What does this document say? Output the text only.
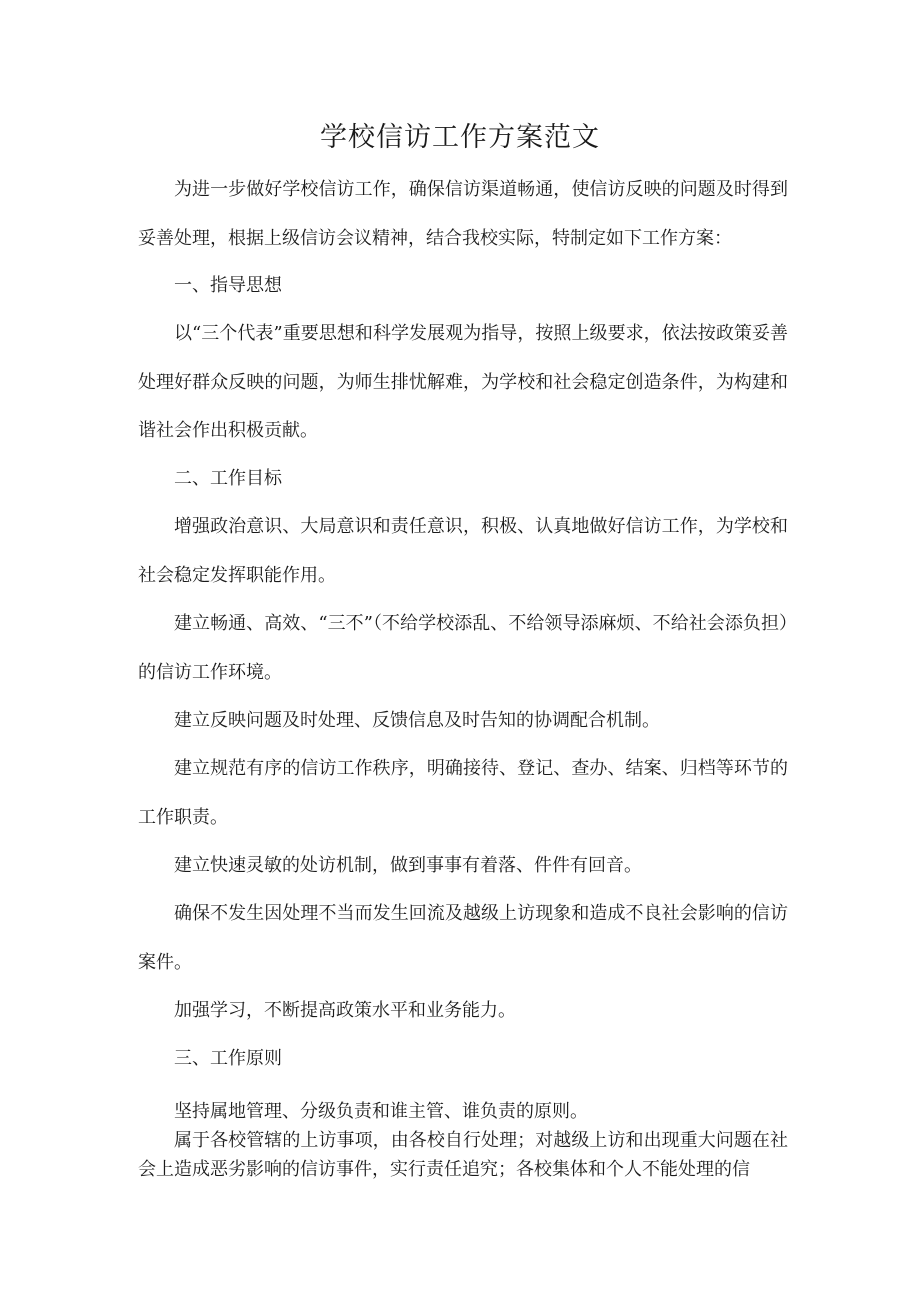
学校信访工作方案范文

为进一步做好学校信访工作，确保信访渠道畅通，使信访反映的问题及时得到妥善处理，根据上级信访会议精神，结合我校实际，特制定如下工作方案：

一、指导思想

以“三个代表”重要思想和科学发展观为指导，按照上级要求，依法按政策妥善处理好群众反映的问题，为师生排忧解难，为学校和社会稳定创造条件，为构建和谐社会作出积极贡献。

二、工作目标

增强政治意识、大局意识和责任意识，积极、认真地做好信访工作，为学校和社会稳定发挥职能作用。

建立畅通、高效、“三不”（不给学校添乱、不给领导添麻烦、不给社会添负担）的信访工作环境。

建立反映问题及时处理、反馈信息及时告知的协调配合机制。

建立规范有序的信访工作秩序，明确接待、登记、查办、结案、归档等环节的工作职责。

建立快速灵敏的处访机制，做到事事有着落、件件有回音。

确保不发生因处理不当而发生回流及越级上访现象和造成不良社会影响的信访案件。

加强学习，不断提高政策水平和业务能力。

三、工作原则

坚持属地管理、分级负责和谁主管、谁负责的原则。

属于各校管辖的上访事项，由各校自行处理；对越级上访和出现重大问题在社会上造成恶劣影响的信访事件，实行责任追究；各校集体和个人不能处理的信
